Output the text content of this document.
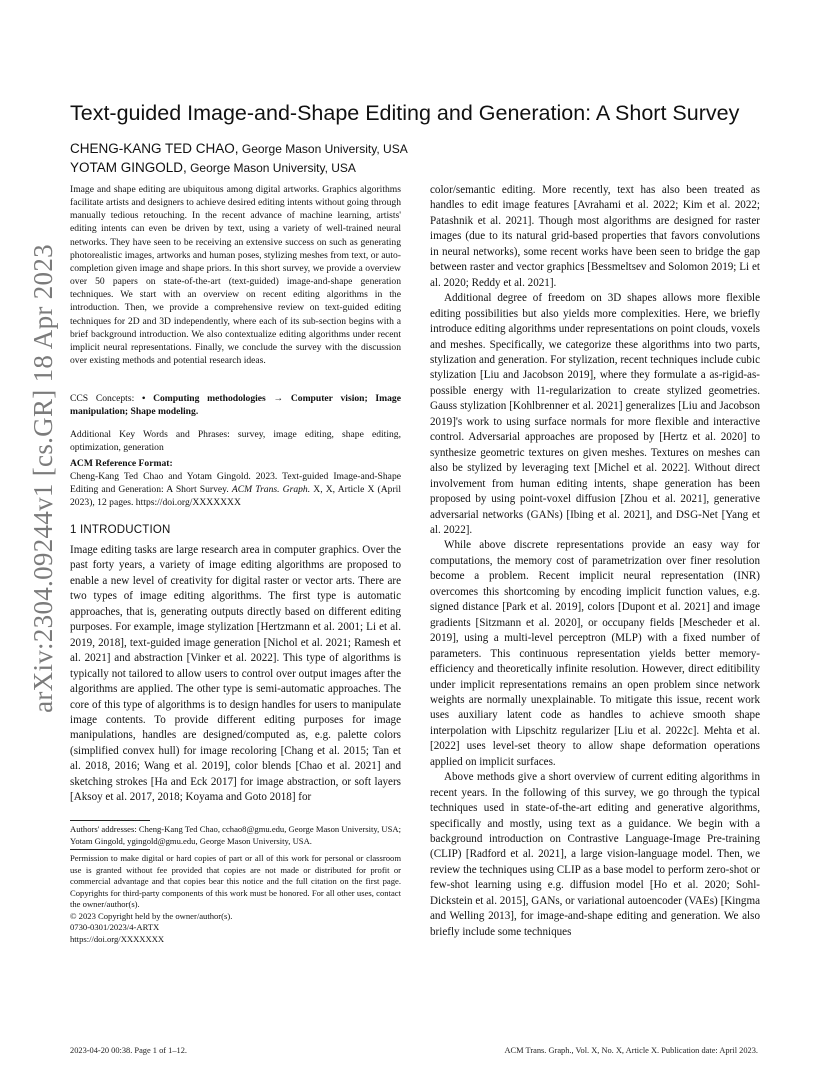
arXiv:2304.09244v1 [cs.GR] 18 Apr 2023
Text-guided Image-and-Shape Editing and Generation: A Short Survey
CHENG-KANG TED CHAO, George Mason University, USA
YOTAM GINGOLD, George Mason University, USA

Image and shape editing are ubiquitous among digital artworks. Graphics algorithms facilitate artists and designers to achieve desired editing intents without going through manually tedious retouching. In the recent advance of machine learning, artists' editing intents can even be driven by text, using a variety of well-trained neural networks. They have seen to be receiving an extensive success on such as generating photorealistic images, artworks and human poses, stylizing meshes from text, or auto-completion given image and shape priors. In this short survey, we provide a overview over 50 papers on state-of-the-art (text-guided) image-and-shape generation techniques. We start with an overview on recent editing algorithms in the introduction. Then, we provide a comprehensive review on text-guided editing techniques for 2D and 3D independently, where each of its sub-section begins with a brief background introduction. We also contextualize editing algorithms under recent implicit neural representations. Finally, we conclude the survey with the discussion over existing methods and potential research ideas.

CCS Concepts: • Computing methodologies → Computer vision; Image manipulation; Shape modeling.

Additional Key Words and Phrases: survey, image editing, shape editing, optimization, generation

ACM Reference Format:

Cheng-Kang Ted Chao and Yotam Gingold. 2023. Text-guided Image-and-Shape Editing and Generation: A Short Survey. ACM Trans. Graph. X, X, Article X (April 2023), 12 pages. https://doi.org/XXXXXXX

1 INTRODUCTION

Image editing tasks are large research area in computer graphics. Over the past forty years, a variety of image editing algorithms are proposed to enable a new level of creativity for digital raster or vector arts. There are two types of image editing algorithms. The first type is automatic approaches, that is, generating outputs directly based on different editing purposes. For example, image stylization [Hertzmann et al. 2001; Li et al. 2019, 2018], text-guided image generation [Nichol et al. 2021; Ramesh et al. 2021] and abstraction [Vinker et al. 2022]. This type of algorithms is typically not tailored to allow users to control over output images after the algorithms are applied. The other type is semi-automatic approaches. The core of this type of algorithms is to design handles for users to manipulate image contents. To provide different editing purposes for image manipulations, handles are designed/computed as, e.g. palette colors (simplified convex hull) for image recoloring [Chang et al. 2015; Tan et al. 2018, 2016; Wang et al. 2019], color blends [Chao et al. 2021] and sketching strokes [Ha and Eck 2017] for image abstraction, or soft layers [Aksoy et al. 2017, 2018; Koyama and Goto 2018] for

color/semantic editing. More recently, text has also been treated as handles to edit image features [Avrahami et al. 2022; Kim et al. 2022; Patashnik et al. 2021]. Though most algorithms are designed for raster images (due to its natural grid-based properties that favors convolutions in neural networks), some recent works have been seen to bridge the gap between raster and vector graphics [Bessmeltsev and Solomon 2019; Li et al. 2020; Reddy et al. 2021].

Additional degree of freedom on 3D shapes allows more flexible editing possibilities but also yields more complexities. Here, we briefly introduce editing algorithms under representations on point clouds, voxels and meshes. Specifically, we categorize these algorithms into two parts, stylization and generation. For stylization, recent techniques include cubic stylization [Liu and Jacobson 2019], where they formulate a as-rigid-as-possible energy with l1-regularization to create stylized geometries. Gauss stylization [Kohlbrenner et al. 2021] generalizes [Liu and Jacobson 2019]'s work to using surface normals for more flexible and interactive control. Adversarial approaches are proposed by [Hertz et al. 2020] to synthesize geometric textures on given meshes. Textures on meshes can also be stylized by leveraging text [Michel et al. 2022]. Without direct involvement from human editing intents, shape generation has been proposed by using point-voxel diffusion [Zhou et al. 2021], generative adversarial networks (GANs) [Ibing et al. 2021], and DSG-Net [Yang et al. 2022].

While above discrete representations provide an easy way for computations, the memory cost of parametrization over finer resolution become a problem. Recent implicit neural representation (INR) overcomes this shortcoming by encoding implicit function values, e.g. signed distance [Park et al. 2019], colors [Dupont et al. 2021] and image gradients [Sitzmann et al. 2020], or occupany fields [Mescheder et al. 2019], using a multi-level perceptron (MLP) with a fixed number of parameters. This continuous representation yields better memory-efficiency and theoretically infinite resolution. However, direct editibility under implicit representations remains an open problem since network weights are normally unexplainable. To mitigate this issue, recent work uses auxiliary latent code as handles to achieve smooth shape interpolation with Lipschitz regularizer [Liu et al. 2022c]. Mehta et al. [2022] uses level-set theory to allow shape deformation operations applied on implicit surfaces.

Above methods give a short overview of current editing algorithms in recent years. In the following of this survey, we go through the typical techniques used in state-of-the-art editing and generative algorithms, specifically and mostly, using text as a guidance. We begin with a background introduction on Contrastive Language-Image Pre-training (CLIP) [Radford et al. 2021], a large vision-language model. Then, we review the techniques using CLIP as a base model to perform zero-shot or few-shot learning using e.g. diffusion model [Ho et al. 2020; Sohl-Dickstein et al. 2015], GANs, or variational autoencoder (VAEs) [Kingma and Welling 2013], for image-and-shape editing and generation. We also briefly include some techniques

Authors' addresses: Cheng-Kang Ted Chao, cchao8@gmu.edu, George Mason University, USA; Yotam Gingold, ygingold@gmu.edu, George Mason University, USA.

Permission to make digital or hard copies of part or all of this work for personal or classroom use is granted without fee provided that copies are not made or distributed for profit or commercial advantage and that copies bear this notice and the full citation on the first page. Copyrights for third-party components of this work must be honored. For all other uses, contact the owner/author(s).

© 2023 Copyright held by the owner/author(s).
0730-0301/2023/4-ARTX
https://doi.org/XXXXXXX
2023-04-20 00:38. Page 1 of 1–12.	ACM Trans. Graph., Vol. X, No. X, Article X. Publication date: April 2023.
